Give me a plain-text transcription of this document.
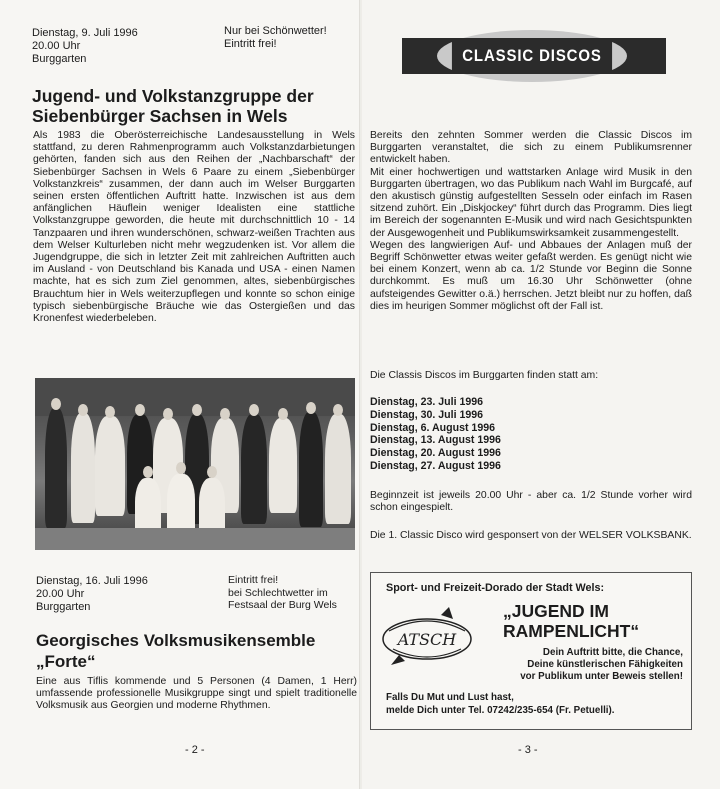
Dienstag, 9. Juli 1996
20.00 Uhr
Burggarten
Nur bei Schönwetter!
Eintritt frei!
Jugend- und Volkstanzgruppe der
Siebenbürger Sachsen in Wels

Als 1983 die Oberösterreichische Landesausstellung in Wels stattfand, zu deren Rahmenprogramm auch Volkstanzdarbietungen gehörten, fanden sich aus den Reihen der „Nachbarschaft“ der Siebenbürger Sachsen in Wels 6 Paare zu einem „Siebenbürger Volkstanzkreis“ zusammen, der dann auch im Welser Burggarten seinen ersten öffentlichen Auftritt hatte. Inzwischen ist aus dem anfänglichen Häuflein weniger Idealisten eine stattliche Volkstanzgruppe geworden, die heute mit durchschnittlich 10 - 14 Tanzpaaren und ihren wunderschönen, schwarz-weißen Trachten aus dem Welser Kulturleben nicht mehr wegzudenken ist. Vor allem die Jugendgruppe, die sich in letzter Zeit mit zahlreichen Auftritten auch im Ausland - von Deutschland bis Kanada und USA - einen Namen machte, hat es sich zum Ziel genommen, altes, siebenbürgisches Brauchtum hier in Wels weiterzupflegen und konnte so schon einige typisch siebenbürgische Bräuche wie das Ostergießen und das Kronenfest wiederbeleben.

Dienstag, 16. Juli 1996
20.00 Uhr
Burggarten
Eintritt frei!
bei Schlechtwetter im
Festsaal der Burg Wels
Georgisches Volksmusikensemble
„Forte“

Eine aus Tiflis kommende und 5 Personen (4 Damen, 1 Herr) umfassende professionelle Musikgruppe singt und spielt traditionelle Volksmusik aus Georgien und moderne Rhythmen.

- 2 -
CLASSIC DISCOS

Bereits den zehnten Sommer werden die Classic Discos im Burggarten veranstaltet, die sich zu einem Publikumsrenner entwickelt haben.
Mit einer hochwertigen und wattstarken Anlage wird Musik in den Burggarten übertragen, wo das Publikum nach Wahl im Burgcafé, auf den akustisch günstig aufgestellten Sesseln oder einfach im Rasen sitzend zuhört. Ein „Diskjockey“ führt durch das Programm. Dies liegt im Bereich der sogenannten E-Musik und wird nach Gesichtspunkten der Ausgewogenheit und Publikumswirksamkeit zusammengestellt.
Wegen des langwierigen Auf- und Abbaues der Anlagen muß der Begriff Schönwetter etwas weiter gefaßt werden. Es genügt nicht wie bei einem Konzert, wenn ab ca. 1/2 Stunde vor Beginn die Sonne durchkommt. Es muß um 16.30 Uhr Schönwetter (ohne aufsteigendes Gewitter o.ä.) herrschen. Jetzt bleibt nur zu hoffen, daß dies im heurigen Sommer möglichst oft der Fall ist.

Die Classis Discos im Burggarten finden statt am:
Dienstag, 23. Juli 1996
Dienstag, 30. Juli 1996
Dienstag, 6. August 1996
Dienstag, 13. August 1996
Dienstag, 20. August 1996
Dienstag, 27. August 1996

Beginnzeit ist jeweils 20.00 Uhr - aber ca. 1/2 Stunde vorher wird schon eingespielt.

Die 1. Classic Disco wird gesponsert von der WELSER VOLKSBANK.

Sport- und Freizeit-Dorado der Stadt Wels:
ATSCH
„JUGEND IM
RAMPENLICHT“
Dein Auftritt bitte, die Chance,
Deine künstlerischen Fähigkeiten
vor Publikum unter Beweis stellen!
Falls Du Mut und Lust hast,
melde Dich unter Tel. 07242/235-654 (Fr. Petuelli).
- 3 -
